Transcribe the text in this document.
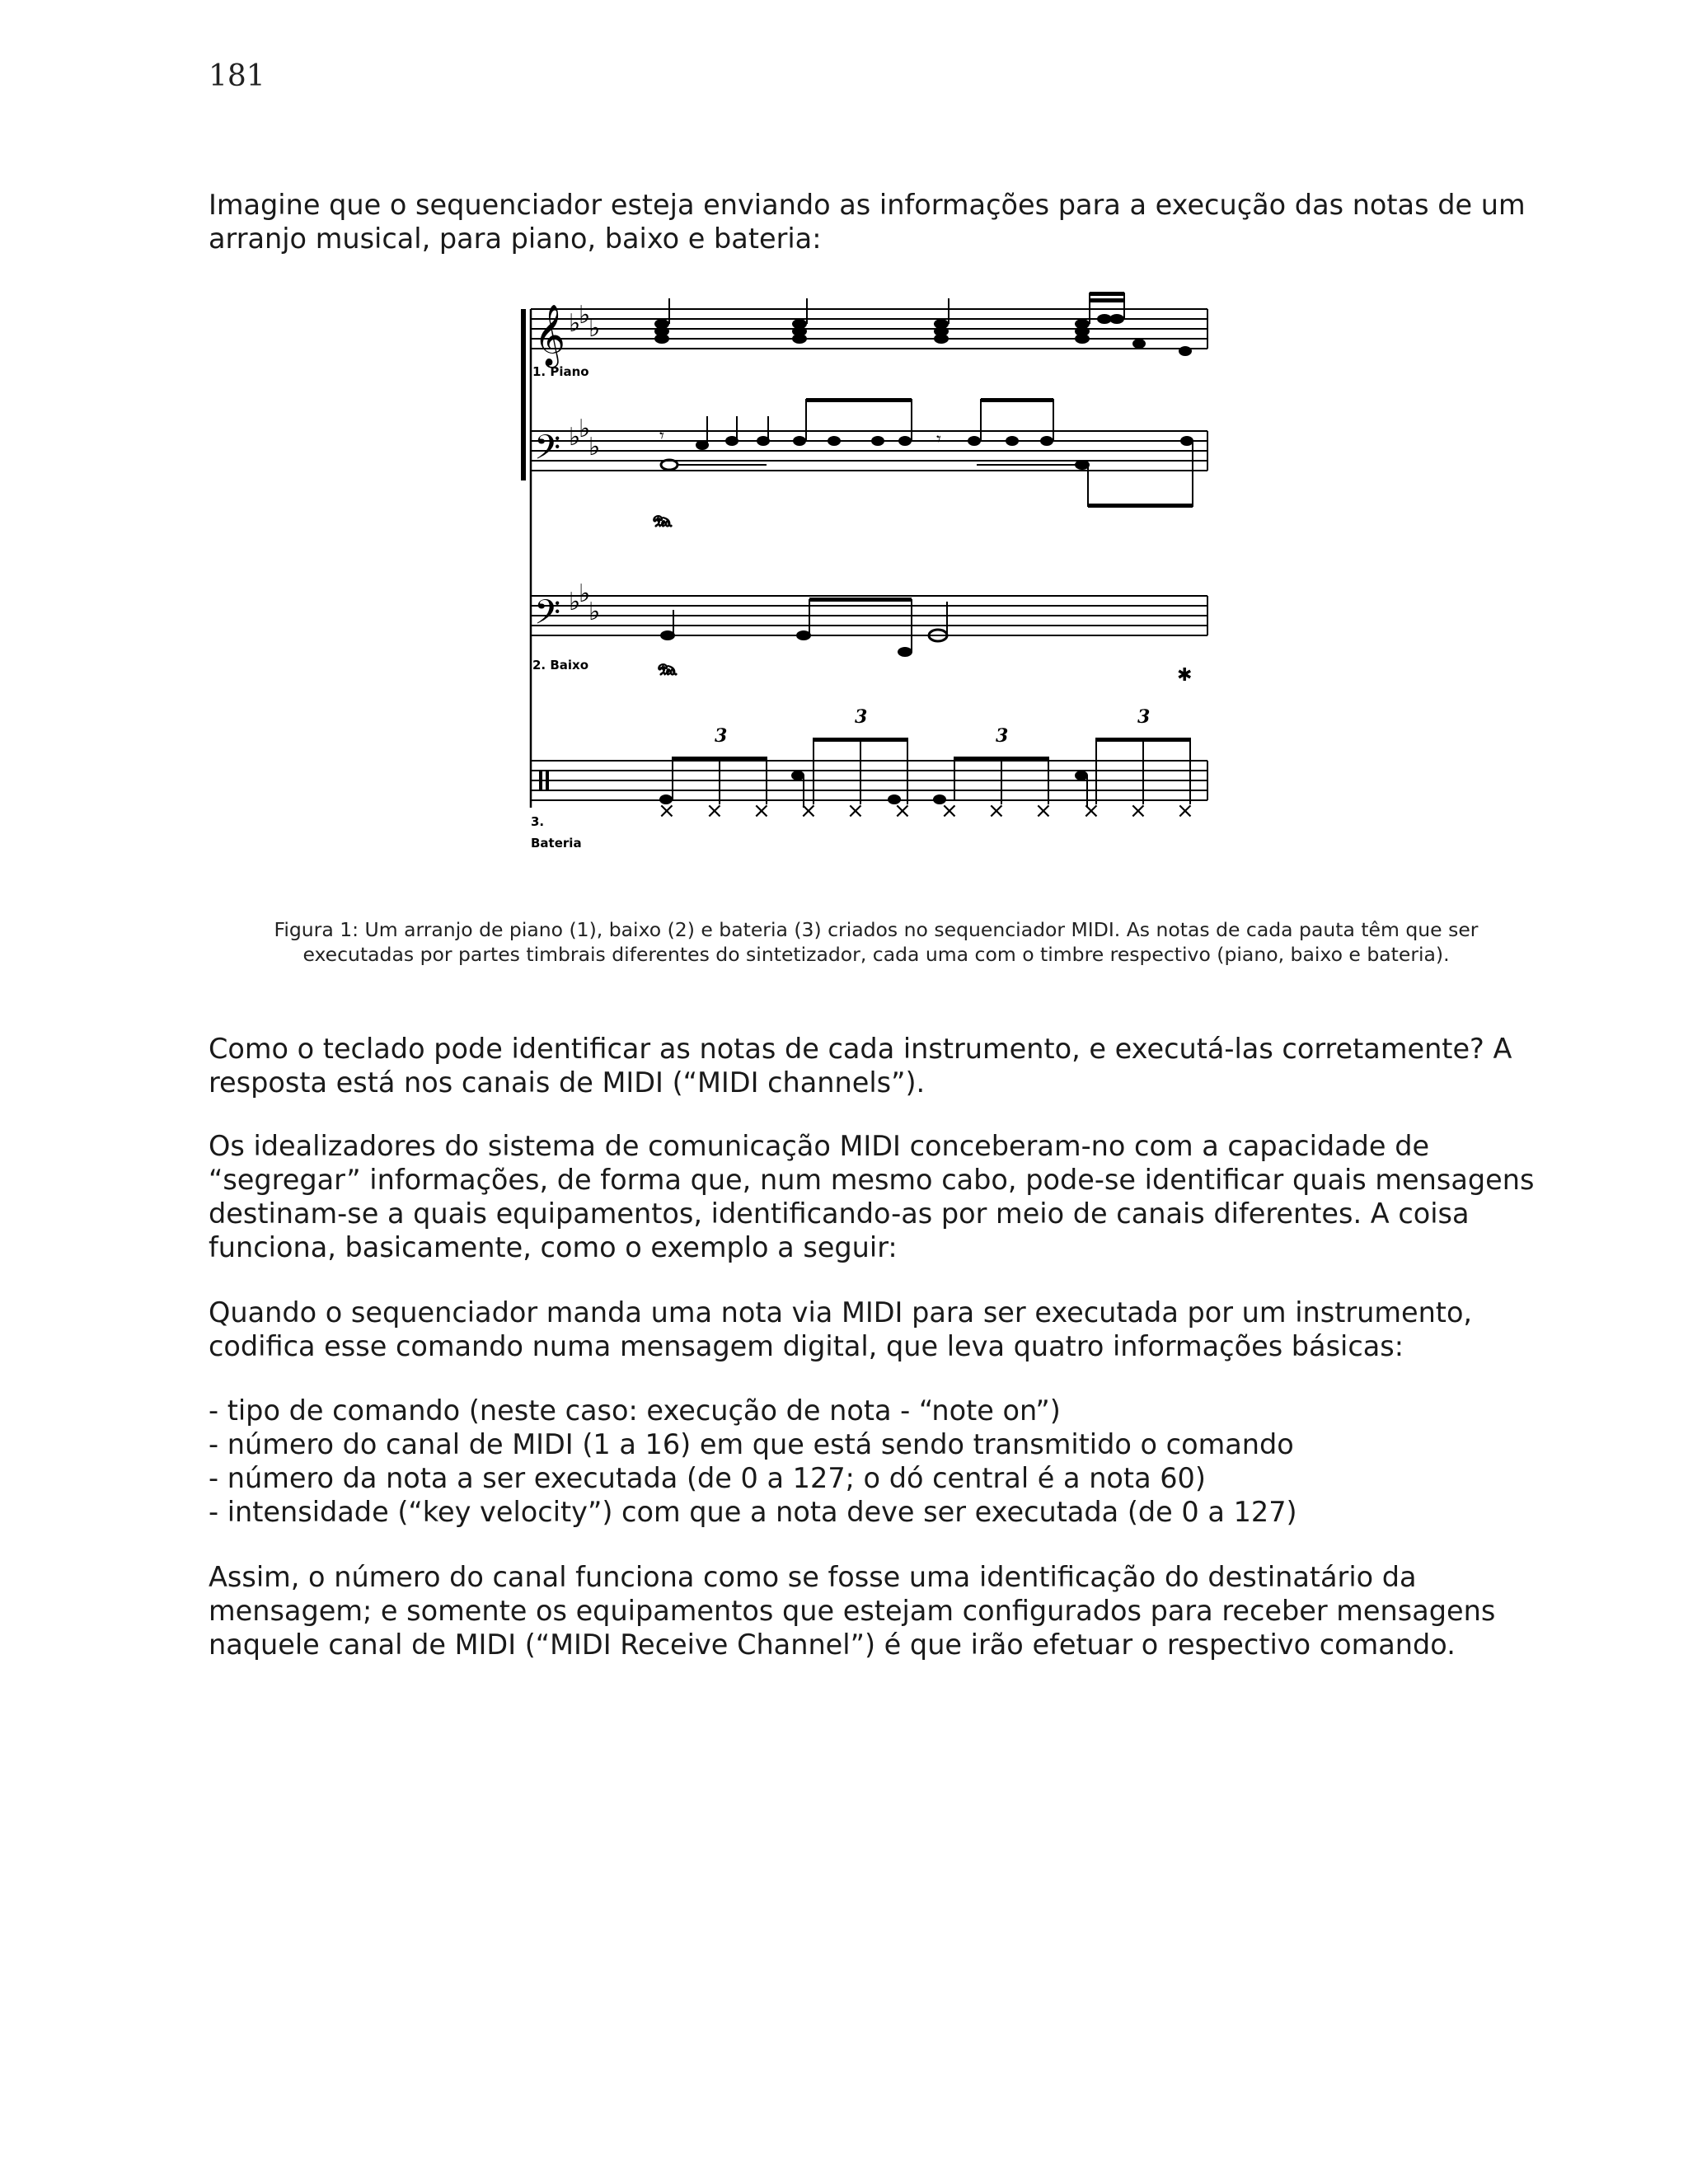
181

Imagine que o sequenciador esteja enviando as informações para a execução das notas de um
arranjo musical, para piano, baixo e bateria:

𝄞 ♭
♭
♭
1. Piano
𝄢 ♭
♭
♭	𝄾	𝄾
𝆮
𝄢 ♭
♭
♭
2. Baixo 𝆮	✱
3
3
3
3
× × × × × × × × × × × ×
3.
Bateria
Figura 1: Um arranjo de piano (1), baixo (2) e bateria (3) criados no sequenciador MIDI. As notas de cada pauta têm que ser
executadas por partes timbrais diferentes do sintetizador, cada uma com o timbre respectivo (piano, baixo e bateria).

Como o teclado pode identificar as notas de cada instrumento, e executá-las corretamente? A
resposta está nos canais de MIDI (“MIDI channels”).

Os idealizadores do sistema de comunicação MIDI conceberam-no com a capacidade de
“segregar” informações, de forma que, num mesmo cabo, pode-se identificar quais mensagens
destinam-se a quais equipamentos, identificando-as por meio de canais diferentes. A coisa
funciona, basicamente, como o exemplo a seguir:

Quando o sequenciador manda uma nota via MIDI para ser executada por um instrumento,
codifica esse comando numa mensagem digital, que leva quatro informações básicas:

- tipo de comando (neste caso: execução de nota - “note on”)
- número do canal de MIDI (1 a 16) em que está sendo transmitido o comando
- número da nota a ser executada (de 0 a 127; o dó central é a nota 60)
- intensidade (“key velocity”) com que a nota deve ser executada (de 0 a 127)

Assim, o número do canal funciona como se fosse uma identificação do destinatário da
mensagem; e somente os equipamentos que estejam configurados para receber mensagens
naquele canal de MIDI (“MIDI Receive Channel”) é que irão efetuar o respectivo comando.
